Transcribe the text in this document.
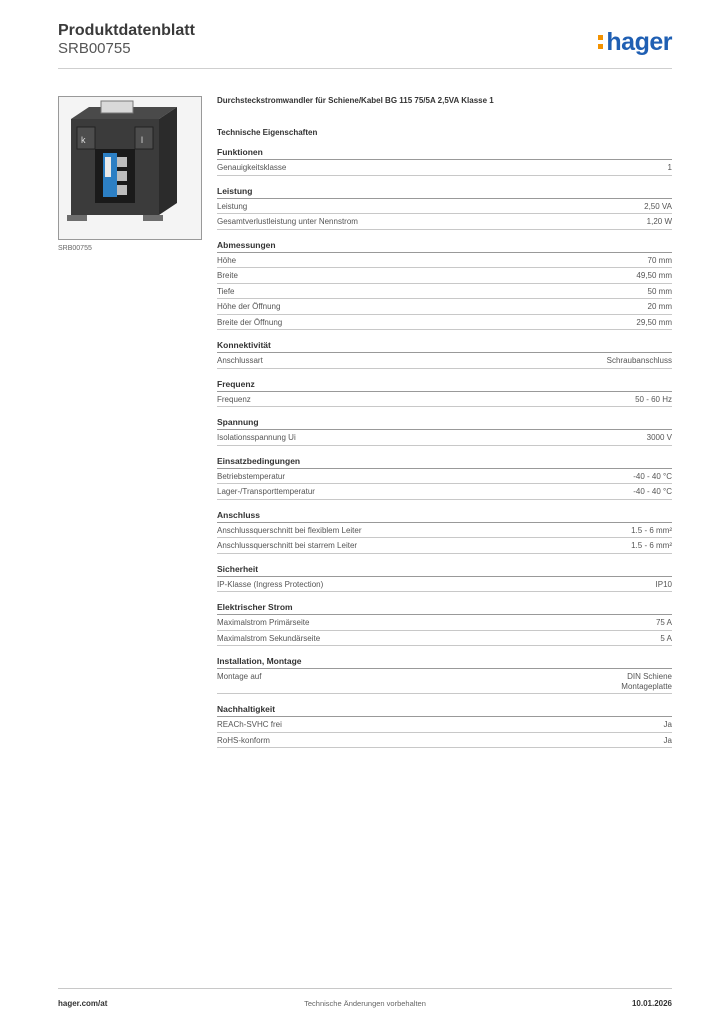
Produktdatenblatt
SRB00755	hager
k	l
SRB00755
Durchsteckstromwandler für Schiene/Kabel BG 115 75/5A 2,5VA Klasse 1
Technische Eigenschaften
Funktionen
Genauigkeitsklasse	1
Leistung
Leistung	2,50 VA
Gesamtverlustleistung unter Nennstrom	1,20 W
Abmessungen
Höhe	70 mm
Breite	49,50 mm
Tiefe	50 mm
Höhe der Öffnung	20 mm
Breite der Öffnung	29,50 mm
Konnektivität
Anschlussart	Schraubanschluss
Frequenz
Frequenz	50 - 60 Hz
Spannung
Isolationsspannung Ui	3000 V
Einsatzbedingungen
Betriebstemperatur	-40 - 40 °C
Lager-/Transporttemperatur	-40 - 40 °C
Anschluss
Anschlussquerschnitt bei flexiblem Leiter	1.5 - 6 mm²
Anschlussquerschnitt bei starrem Leiter	1.5 - 6 mm²
Sicherheit
IP-Klasse (Ingress Protection)	IP10
Elektrischer Strom
Maximalstrom Primärseite	75 A
Maximalstrom Sekundärseite	5 A
Installation, Montage
Montage auf	DIN Schiene
Montageplatte
Nachhaltigkeit
REACh-SVHC frei	Ja
RoHS-konform	Ja
hager.com/at	Technische Änderungen vorbehalten	10.01.2026
